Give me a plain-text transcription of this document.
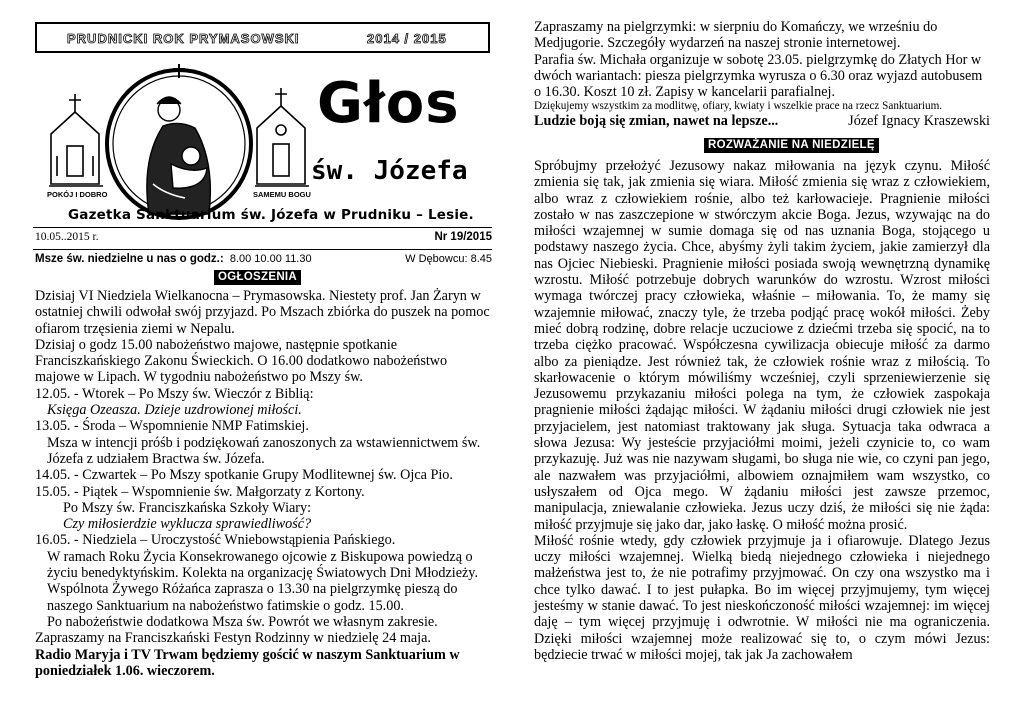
PRUDNICKI ROK PRYMASOWSKI	2014 / 2015
POKÓJ I DOBRO	SAMEMU BOGU
Głos
św. Józefa
Gazetka Sanktuarium św. Józefa w Prudniku – Lesie.
10.05..2015 r.	Nr 19/2015
Msze św. niedzielne u nas o godz.: 8.00 10.00 11.30	W Dębowcu: 8.45
OGŁOSZENIA

Dzisiaj VI Niedziela Wielkanocna – Prymasowska. Niestety prof. Jan Żaryn w ostatniej chwili odwołał swój przyjazd. Po Mszach zbiórka do puszek na pomoc ofiarom trzęsienia ziemi w Nepalu.

Dzisiaj o godz 15.00 nabożeństwo majowe, następnie spotkanie Franciszkańskiego Zakonu Świeckich. O 16.00 dodatkowo nabożeństwo majowe w Lipach. W tygodniu nabożeństwo po Mszy św.

12.05. - Wtorek – Po Mszy św. Wieczór z Biblią:

Księga Ozeasza. Dzieje uzdrowionej miłości.

13.05. - Środa – Wspomnienie NMP Fatimskiej.

Msza w intencji próśb i podziękowań zanoszonych za wstawiennictwem św. Józefa z udziałem Bractwa św. Józefa.

14.05. - Czwartek – Po Mszy spotkanie Grupy Modlitewnej św. Ojca Pio.

15.05. - Piątek – Wspomnienie św. Małgorzaty z Kortony.

Po Mszy św. Franciszkańska Szkoły Wiary:

Czy miłosierdzie wyklucza sprawiedliwość?

16.05. - Niedziela – Uroczystość Wniebowstąpienia Pańskiego.

W ramach Roku Życia Konsekrowanego ojcowie z Biskupowa powiedzą o życiu benedyktyńskim. Kolekta na organizację Światowych Dni Młodzieży.

Wspólnota Żywego Różańca zaprasza o 13.30 na pielgrzymkę pieszą do naszego Sanktuarium na nabożeństwo fatimskie o godz. 15.00.

Po nabożeństwie dodatkowa Msza św. Powrót we własnym zakresie.

Zapraszamy na Franciszkański Festyn Rodzinny w niedzielę 24 maja.

Radio Maryja i TV Trwam będziemy gościć w naszym Sanktuarium w poniedziałek 1.06. wieczorem.

Zapraszamy na pielgrzymki: w sierpniu do Komańczy, we wrześniu do Medjugorie. Szczegóły wydarzeń na naszej stronie internetowej.

Parafia św. Michała organizuje w sobotę 23.05. pielgrzymkę do Złatych Hor w dwóch wariantach: piesza pielgrzymka wyrusza o 6.30 oraz wyjazd autobusem o 16.30. Koszt 10 zł. Zapisy w kancelarii parafialnej.

Dziękujemy wszystkim za modlitwę, ofiary, kwiaty i wszelkie prace na rzecz Sanktuarium.

Ludzie boją się zmian, nawet na lepsze...	Józef Ignacy Kraszewski
ROZWAŻANIE NA NIEDZIELĘ

Spróbujmy przełożyć Jezusowy nakaz miłowania na język czynu. Miłość zmienia się tak, jak zmienia się wiara. Miłość zmienia się wraz z człowiekiem, albo wraz z człowiekiem rośnie, albo też karłowacieje. Pragnienie miłości zostało w nas zaszczepione w stwórczym akcie Boga. Jezus, wzywając na do miłości wzajemnej w sumie domaga się od nas uznania Boga, stojącego u podstawy naszego życia. Chce, abyśmy żyli takim życiem, jakie zamierzył dla nas Ojciec Niebieski. Pragnienie miłości posiada swoją wewnętrzną dynamikę wzrostu. Miłość potrzebuje dobrych warunków do wzrostu. Wzrost miłości wymaga twórczej pracy człowieka, właśnie – miłowania. To, że mamy się wzajemnie miłować, znaczy tyle, że trzeba podjąć pracę wokół miłości. Żeby mieć dobrą rodzinę, dobre relacje uczuciowe z dziećmi trzeba się spocić, na to trzeba ciężko pracować. Współczesna cywilizacja obiecuje miłość za darmo albo za pieniądze. Jest również tak, że człowiek rośnie wraz z miłością. To skarłowacenie o którym mówiliśmy wcześniej, czyli sprzeniewierzenie się Jezusowemu przykazaniu miłości polega na tym, że człowiek zaspokaja pragnienie miłości żądając miłości. W żądaniu miłości drugi człowiek nie jest przyjacielem, jest natomiast traktowany jak sługa. Sytuacja taka odwraca a słowa Jezusa: Wy jesteście przyjaciółmi moimi, jeżeli czynicie to, co wam przykazuję. Już was nie nazywam sługami, bo sługa nie wie, co czyni pan jego, ale nazwałem was przyjaciółmi, albowiem oznajmiłem wam wszystko, co usłyszałem od Ojca mego. W żądaniu miłości jest zawsze przemoc, manipulacja, zniewalanie człowieka. Jezus uczy dziś, że miłości się nie żąda: miłość przyjmuje się jako dar, jako łaskę. O miłość można prosić.

Miłość rośnie wtedy, gdy człowiek przyjmuje ja i ofiarowuje. Dlatego Jezus uczy miłości wzajemnej. Wielką biedą niejednego człowieka i niejednego małżeństwa jest to, że nie potrafimy przyjmować. On czy ona wszystko ma i chce tylko dawać. I to jest pułapka. Bo im więcej przyjmujemy, tym więcej jesteśmy w stanie dawać. To jest nieskończoność miłości wzajemnej: im więcej daję – tym więcej przyjmuję i odwrotnie. W miłości nie ma ograniczenia. Dzięki miłości wzajemnej może realizować się to, o czym mówi Jezus: będziecie trwać w miłości mojej, tak jak Ja zachowałem
